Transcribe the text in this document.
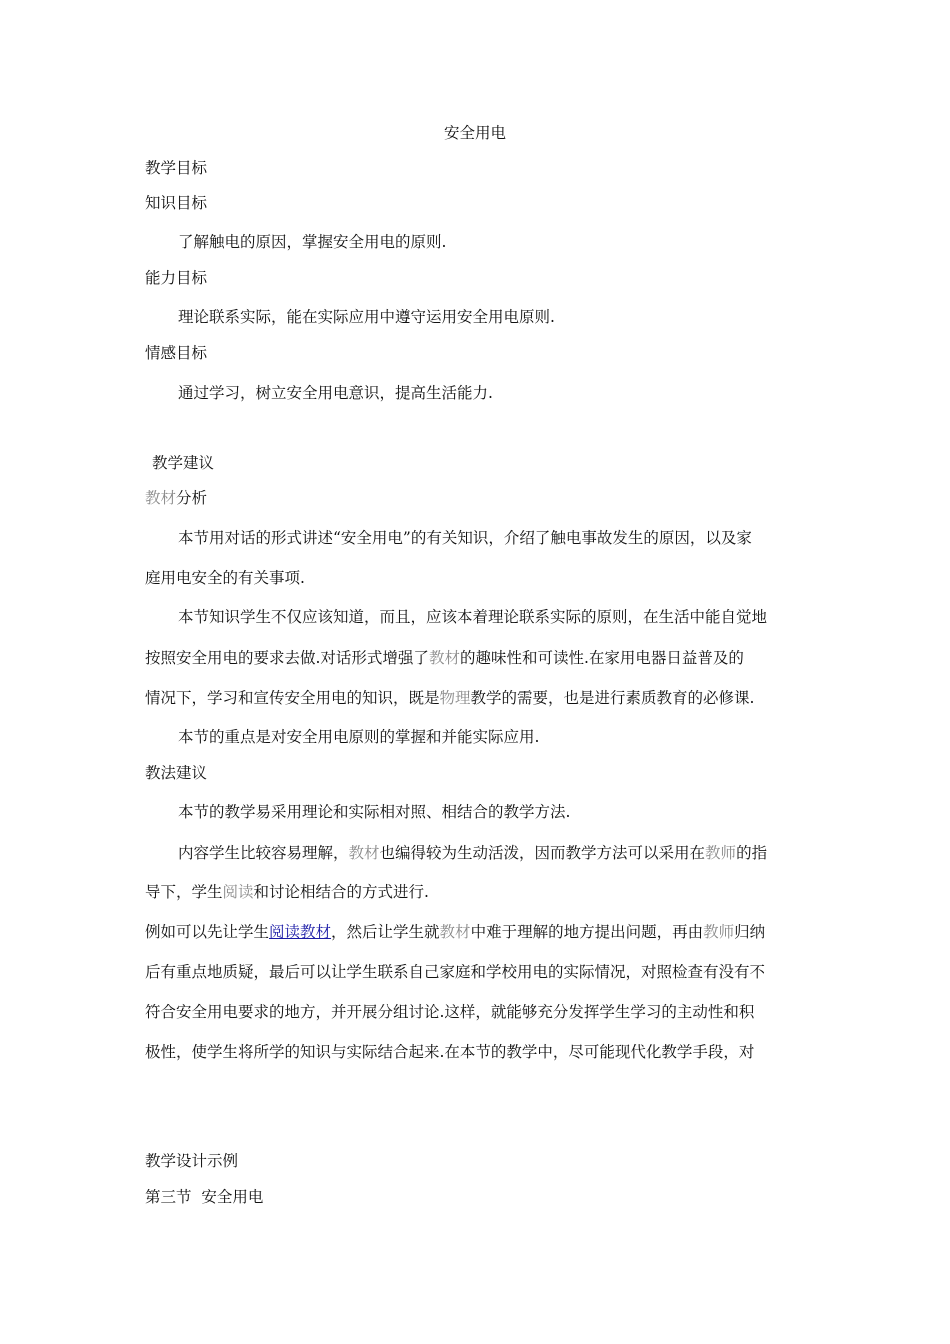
安全用电
教学目标
知识目标
了解触电的原因，掌握安全用电的原则.
能力目标
理论联系实际，能在实际应用中遵守运用安全用电原则.
情感目标
通过学习，树立安全用电意识，提高生活能力.
教学建议
教材分析
本节用对话的形式讲述“安全用电”的有关知识，介绍了触电事故发生的原因，以及家
庭用电安全的有关事项.
本节知识学生不仅应该知道，而且，应该本着理论联系实际的原则，在生活中能自觉地
按照安全用电的要求去做.对话形式增强了教材的趣味性和可读性.在家用电器日益普及的
情况下，学习和宣传安全用电的知识，既是物理教学的需要，也是进行素质教育的必修课.
本节的重点是对安全用电原则的掌握和并能实际应用.
教法建议
本节的教学易采用理论和实际相对照、相结合的教学方法.
内容学生比较容易理解，教材也编得较为生动活泼，因而教学方法可以采用在教师的指
导下，学生阅读和讨论相结合的方式进行.
例如可以先让学生阅读教材，然后让学生就教材中难于理解的地方提出问题，再由教师归纳
后有重点地质疑，最后可以让学生联系自己家庭和学校用电的实际情况，对照检查有没有不
符合安全用电要求的地方，并开展分组讨论.这样，就能够充分发挥学生学习的主动性和积
极性，使学生将所学的知识与实际结合起来.在本节的教学中，尽可能现代化教学手段，对
教学设计示例
第三节  安全用电
